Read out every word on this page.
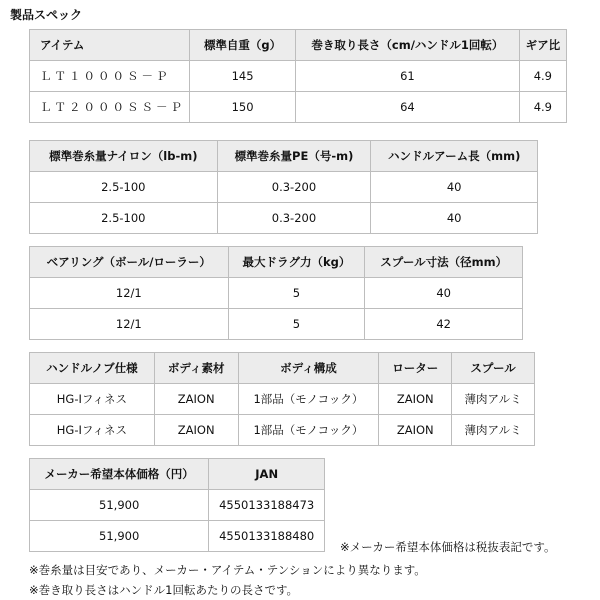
製品スペック
アイテム	標準自重（g）	巻き取り長さ（cm/ハンドル1回転）	ギア比
ＬＴ１０００Ｓ－Ｐ	145	61	4.9
ＬＴ２０００ＳＳ－Ｐ	150	64	4.9
標準巻糸量ナイロン（lb-m)	標準巻糸量PE（号-m)	ハンドルアーム長（mm)
2.5-100	0.3-200	40
2.5-100	0.3-200	40
ベアリング（ボール/ローラー）	最大ドラグ力（kg）	スプール寸法（径mm）
12/1	5	40
12/1	5	42
ハンドルノブ仕様	ボディ素材	ボディ構成	ローター	スプール
HG-Iフィネス	ZAION	1部品（モノコック）	ZAION	薄肉アルミ
HG-Iフィネス	ZAION	1部品（モノコック）	ZAION	薄肉アルミ
メーカー希望本体価格（円）	JAN
51,900	4550133188473
51,900	4550133188480
※メーカー希望本体価格は税抜表記です。
※巻糸量は目安であり、メーカー・アイテム・テンションにより異なります。
※巻き取り長さはハンドル1回転あたりの長さです。
